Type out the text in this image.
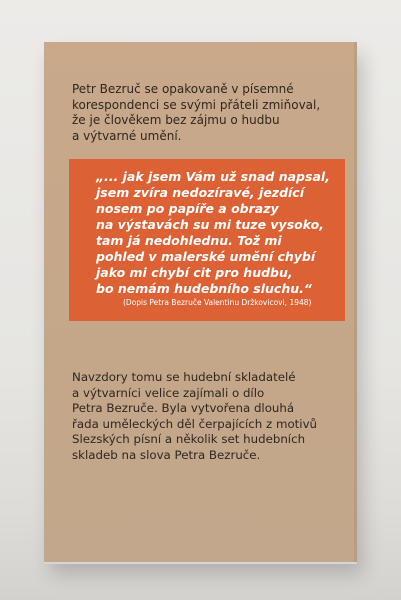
Petr Bezruč se opakovaně v písemné
korespondenci se svými přáteli zmiňoval,
že je člověkem bez zájmu o hudbu
a výtvarné umění.

„... jak jsem Vám už snad napsal,
jsem zvíra nedozíravé, jezdící
nosem po papíře a obrazy
na výstavách su mi tuze vysoko,
tam já nedohlednu. Tož mi
pohled v malerské umění chybí
jako mi chybí cit pro hudbu,
bo nemám hudebního sluchu.“

(Dopis Petra Bezruče Valentinu Držkovicovi, 1948)

Navzdory tomu se hudební skladatelé
a výtvarníci velice zajímali o dílo
Petra Bezruče. Byla vytvořena dlouhá
řada uměleckých děl čerpajících z motivů
Slezských písní a několik set hudebních
skladeb na slova Petra Bezruče.
